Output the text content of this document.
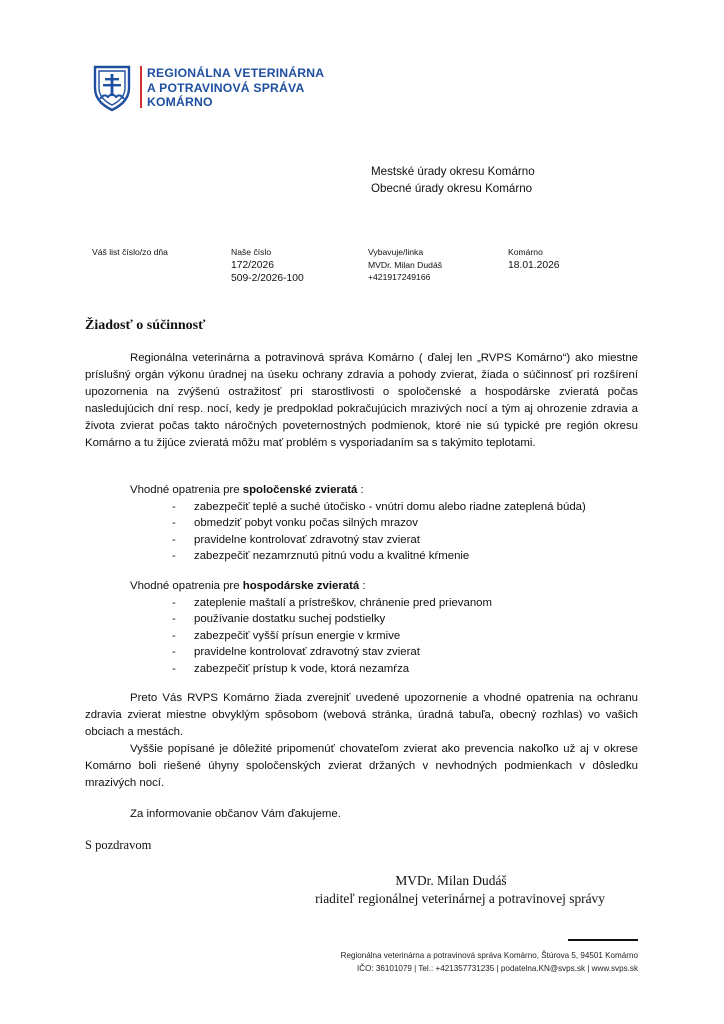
REGIONÁLNA VETERINÁRNA
A POTRAVINOVÁ SPRÁVA
KOMÁRNO
Mestské úrady okresu Komárno
Obecné úrady okresu Komárno
Váš list číslo/zo dňa	Naše číslo
172/2026
509-2/2026-100
Vybavuje/linka
MVDr. Milan Dudáš
+421917249166
Komárno
18.01.2026
Žiadosť o súčinnosť
Regionálna veterinárna a potravinová správa Komárno ( ďalej len „RVPS Komárno“) ako miestne príslušný orgán výkonu úradnej na úseku ochrany zdravia a pohody zvierat, žiada o súčinnosť pri rozšírení upozornenia na zvýšenú ostražitosť pri starostlivosti o spoločenské a hospodárske zvieratá počas nasledujúcich dní resp. nocí, kedy je predpoklad pokračujúcich mrazivých nocí a tým aj ohrozenie zdravia a života zvierat počas takto náročných poveternostných podmienok, ktoré nie sú typické pre región okresu Komárno a tu žijúce zvieratá môžu mať problém s vysporiadaním sa s takýmito teplotami.
Vhodné opatrenia pre spoločenské zvieratá :
- zabezpečiť teplé a suché útočisko - vnútri domu alebo riadne zateplená búda)
- obmedziť pobyt vonku počas silných mrazov
- pravidelne kontrolovať zdravotný stav zvierat
- zabezpečiť nezamrznutú pitnú vodu a kvalitné kŕmenie
Vhodné opatrenia pre hospodárske zvieratá :
- zateplenie maštalí a prístreškov, chránenie pred prievanom
- používanie dostatku suchej podstielky
- zabezpečiť vyšší prísun energie v krmive
- pravidelne kontrolovať zdravotný stav zvierat
- zabezpečiť prístup k vode, ktorá nezamŕza
Preto Vás RVPS Komárno žiada zverejniť uvedené upozornenie a vhodné opatrenia na ochranu zdravia zvierat miestne obvyklým spôsobom (webová stránka, úradná tabuľa, obecný rozhlas) vo vašich obciach a mestách.
Vyššie popísané je dôležité pripomenúť chovateľom zvierat ako prevencia nakoľko už aj v okrese Komárno boli riešené úhyny spoločenských zvierat držaných v nevhodných podmienkach v dôsledku mrazivých nocí.
Za informovanie občanov Vám ďakujeme.
S pozdravom
MVDr. Milan Dudáš
riaditeľ regionálnej veterinárnej a potravinovej správy
Regionálna veterinárna a potravinová správa Komárno, Štúrova 5, 94501 Komárno
IČO: 36101079 | Tel.: +421357731235 | podatelna.KN@svps.sk | www.svps.sk
